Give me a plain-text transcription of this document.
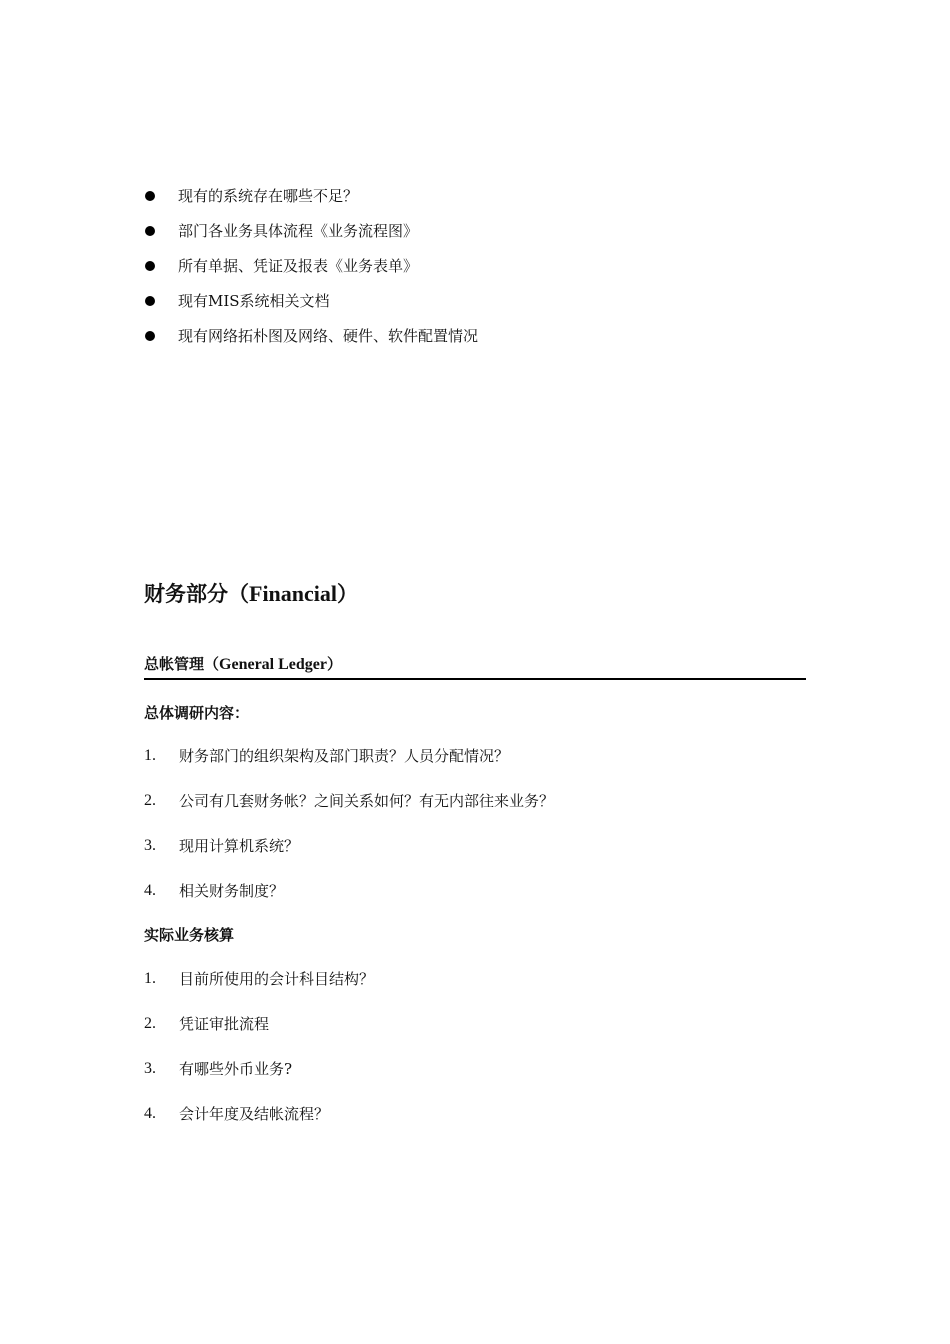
现有的系统存在哪些不足？
部门各业务具体流程《业务流程图》
所有单据、凭证及报表《业务表单》
现有MIS系统相关文档
现有网络拓朴图及网络、硬件、软件配置情况
财务部分（Financial）
总帐管理（General Ledger）
总体调研内容：
1.	财务部门的组织架构及部门职责？人员分配情况？
2.	公司有几套财务帐？之间关系如何？有无内部往来业务？
3.	现用计算机系统？
4.	相关财务制度？
实际业务核算
1.	目前所使用的会计科目结构？
2.	凭证审批流程
3.	有哪些外币业务?
4.	会计年度及结帐流程？
